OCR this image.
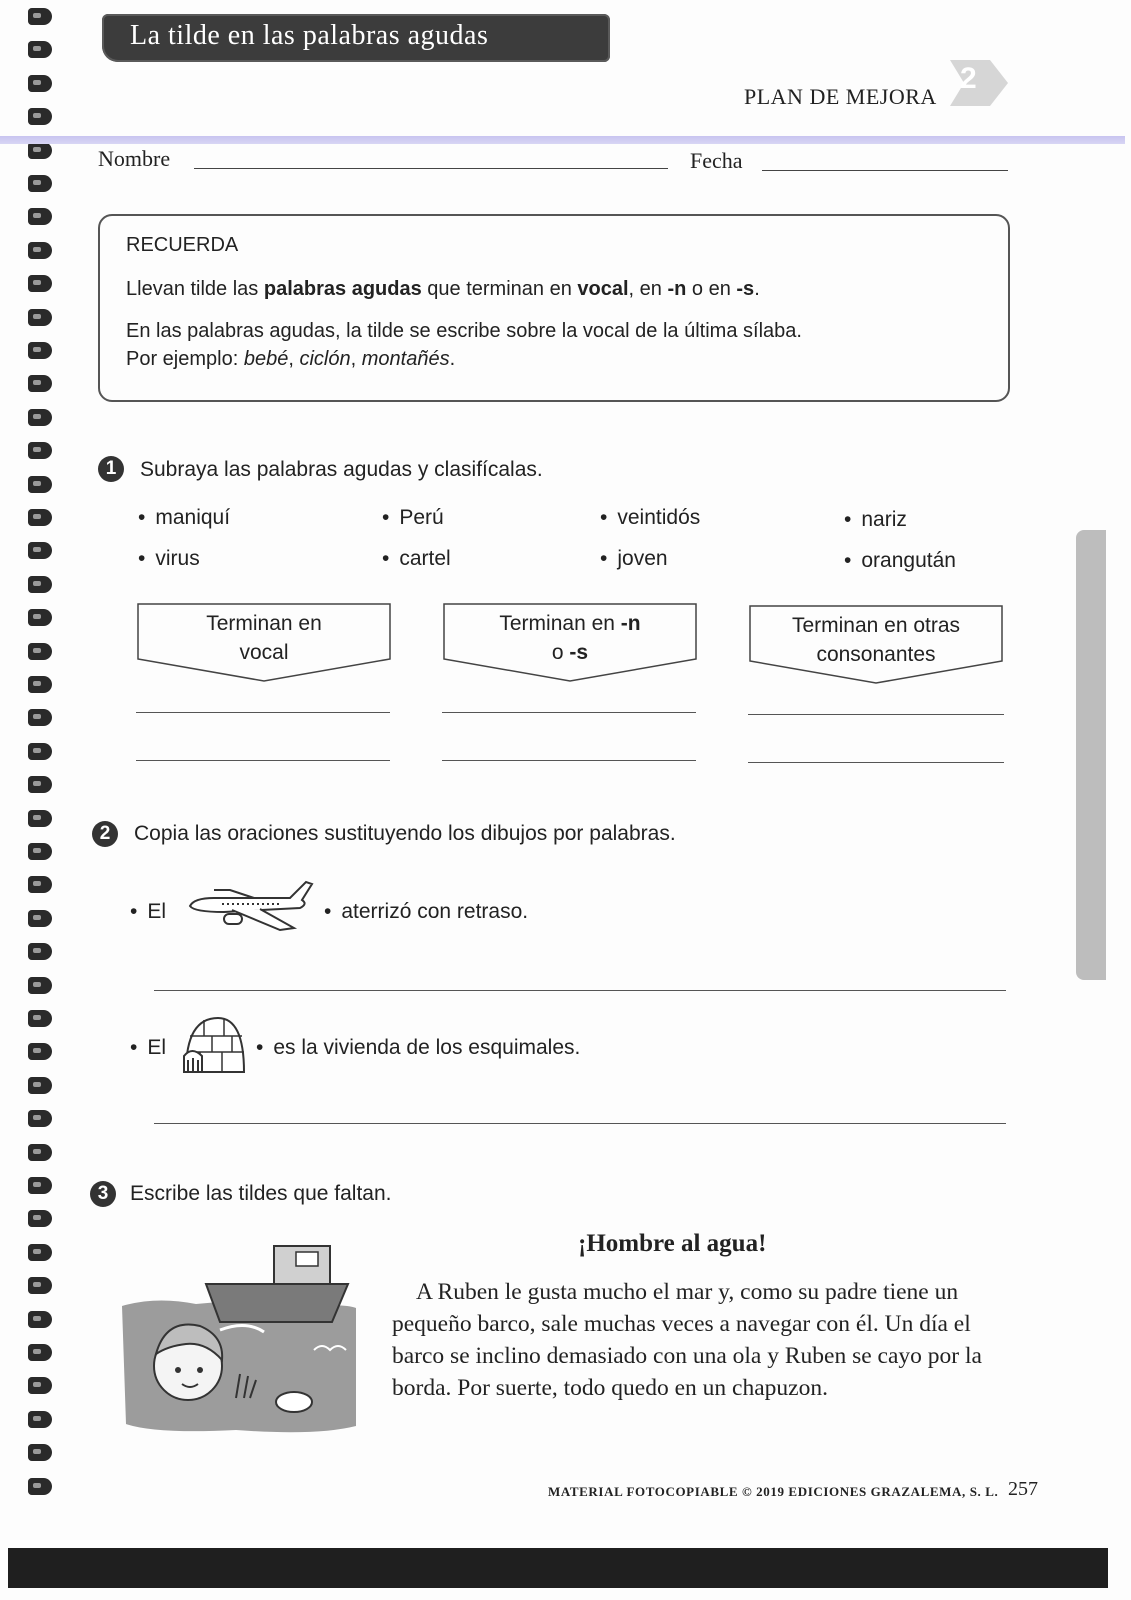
La tilde en las palabras agudas
PLAN DE MEJORA
2
Nombre	Fecha
RECUERDA
Llevan tilde las palabras agudas que terminan en vocal, en -n o en -s.
En las palabras agudas, la tilde se escribe sobre la vocal de la última sílaba.
Por ejemplo: bebé, ciclón, montañés.
1	Subraya las palabras agudas y clasifícalas.
• maniquí	• Perú	• veintidós	• nariz
• virus	• cartel	• joven	• orangután
Terminan en
vocal
Terminan en -n
o -s
Terminan en otras
consonantes
2	Copia las oraciones sustituyendo los dibujos por palabras.
• El	• aterrizó con retraso.
• El	• es la vivienda de los esquimales.
3	Escribe las tildes que faltan.
¡Hombre al agua!
A Ruben le gusta mucho el mar y, como su padre tiene un pequeño barco, sale muchas veces a navegar con él. Un día el barco se inclino demasiado con una ola y Ruben se cayo por la borda. Por suerte, todo quedo en un chapuzon.
MATERIAL FOTOCOPIABLE © 2019 EDICIONES GRAZALEMA, S. L. 257
